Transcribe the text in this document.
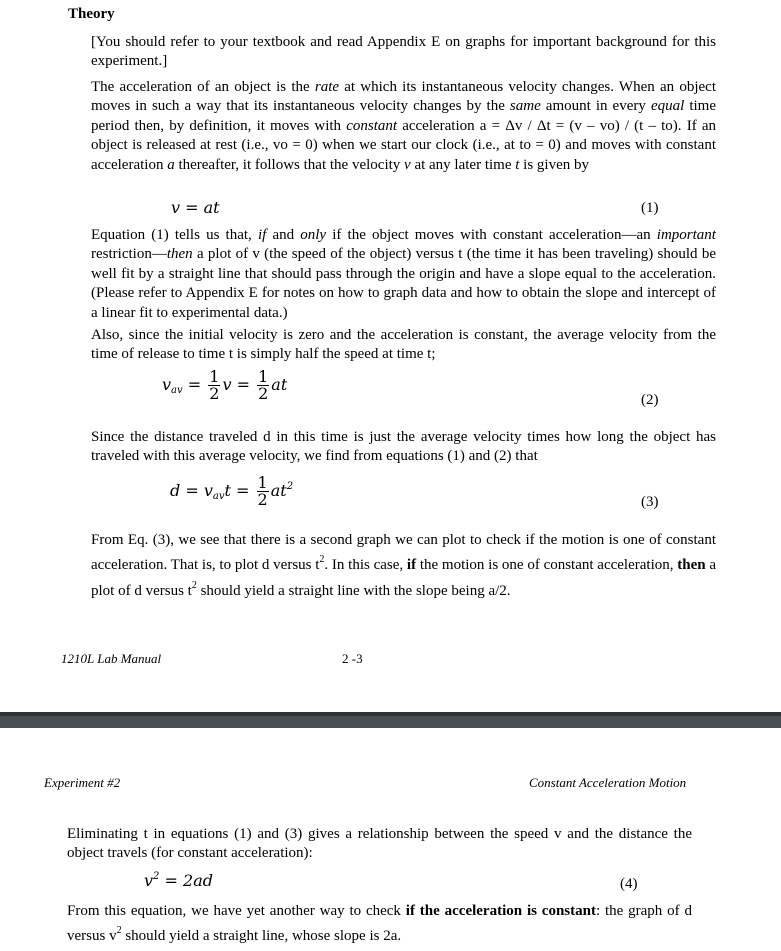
Theory

[You should refer to your textbook and read Appendix E on graphs for important background for this experiment.]

The acceleration of an object is the rate at which its instantaneous velocity changes. When an object moves in such a way that its instantaneous velocity changes by the same amount in every equal time period then, by definition, it moves with constant acceleration a = Δv / Δt = (v – vo) / (t – to). If an object is released at rest (i.e., vo = 0) when we start our clock (i.e., at to = 0) and moves with constant acceleration a thereafter, it follows that the velocity v at any later time t is given by

v = at	(1)

Equation (1) tells us that, if and only if the object moves with constant acceleration—an important restriction—then a plot of v (the speed of the object) versus t (the time it has been traveling) should be well fit by a straight line that should pass through the origin and have a slope equal to the acceleration. (Please refer to Appendix E for notes on how to graph data and how to obtain the slope and intercept of a linear fit to experimental data.)

Also, since the initial velocity is zero and the acceleration is constant, the average velocity from the time of release to time t is simply half the speed at time t;

$v_{av} = \frac{1}{2}$ $v = \frac{1}{2}$ at
(2)

Since the distance traveled d in this time is just the average velocity times how long the object has traveled with this average velocity, we find from equations (1) and (2) that

$d = v_{av}t = \frac{1}{2} at^2$
(3)

From Eq. (3), we see that there is a second graph we can plot to check if the motion is one of constant acceleration. That is, to plot d versus $t^2$. In this case, if the motion is one of constant acceleration, then a plot of d versus $t^2$ should yield a straight line with the slope being a/2.

1210L Lab Manual	2 -3
Experiment #2	Constant Acceleration Motion

Eliminating t in equations (1) and (3) gives a relationship between the speed v and the distance the object travels (for constant acceleration):

$v^2 = 2ad$	(4)

From this equation, we have yet another way to check if the acceleration is constant: the graph of d versus $v^2$ should yield a straight line, whose slope is 2a.
